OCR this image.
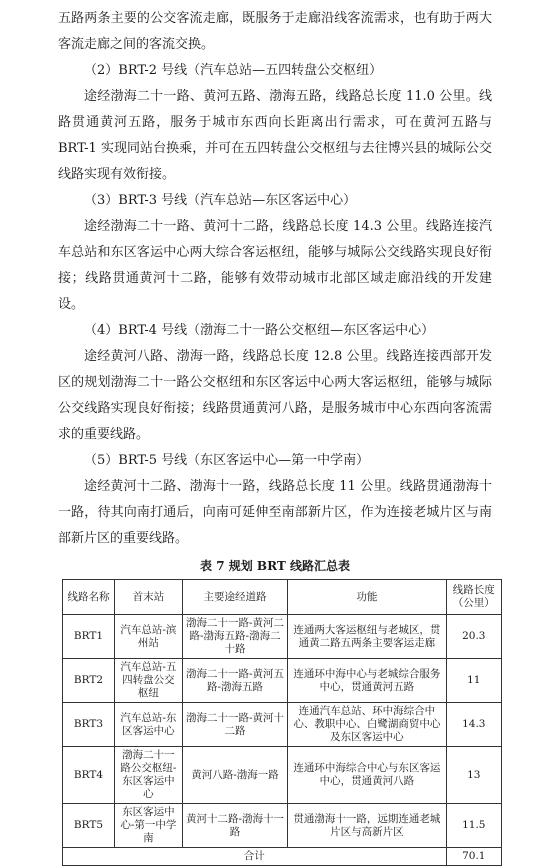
五路两条主要的公交客流走廊，既服务于走廊沿线客流需求，也有助于两大客流走廊之间的客流交换。

（2）BRT-2 号线（汽车总站—五四转盘公交枢纽）

途经渤海二十一路、黄河五路、渤海五路，线路总长度 11.0 公里。线路贯通黄河五路，服务于城市东西向长距离出行需求，可在黄河五路与 BRT-1 实现同站台换乘，并可在五四转盘公交枢纽与去往博兴县的城际公交线路实现有效衔接。

（3）BRT-3 号线（汽车总站—东区客运中心）

途经渤海二十一路、黄河十二路，线路总长度 14.3 公里。线路连接汽车总站和东区客运中心两大综合客运枢纽，能够与城际公交线路实现良好衔接；线路贯通黄河十二路，能够有效带动城市北部区域走廊沿线的开发建设。

（4）BRT-4 号线（渤海二十一路公交枢纽—东区客运中心）

途经黄河八路、渤海一路，线路总长度 12.8 公里。线路连接西部开发区的规划渤海二十一路公交枢纽和东区客运中心两大客运枢纽，能够与城际公交线路实现良好衔接；线路贯通黄河八路，是服务城市中心东西向客流需求的重要线路。

（5）BRT-5 号线（东区客运中心—第一中学南）

途经黄河十二路、渤海十一路，线路总长度 11 公里。线路贯通渤海十一路，待其向南打通后，向南可延伸至南部新片区，作为连接老城片区与南部新片区的重要线路。

表 7 规划 BRT 线路汇总表
线路名称	首末站	主要途经道路	功能	线路长度（公里）
BRT1	汽车总站-滨州站	渤海二十一路-黄河二路-渤海五路-渤海二十路	连通两大客运枢纽与老城区，贯通黄二路五两条主要客运走廊	20.3
BRT2	汽车总站-五四转盘公交枢纽	渤海二十一路-黄河五路-渤海五路	连通环中海中心与老城综合服务中心，贯通黄河五路	11
BRT3	汽车总站-东区客运中心	渤海二十一路-黄河十二路	连通汽车总站、环中海综合中心、教职中心、白鹭湖商贸中心及东区客运中心	14.3
BRT4	渤海二十一路公交枢纽-东区客运中心	黄河八路-渤海一路	连通环中海综合中心与东区客运中心，贯通黄河八路	13
BRT5	东区客运中心-第一中学南	黄河十二路-渤海十一路	贯通渤海十一路，远期连通老城片区与高新片区	11.5
合计				70.1
